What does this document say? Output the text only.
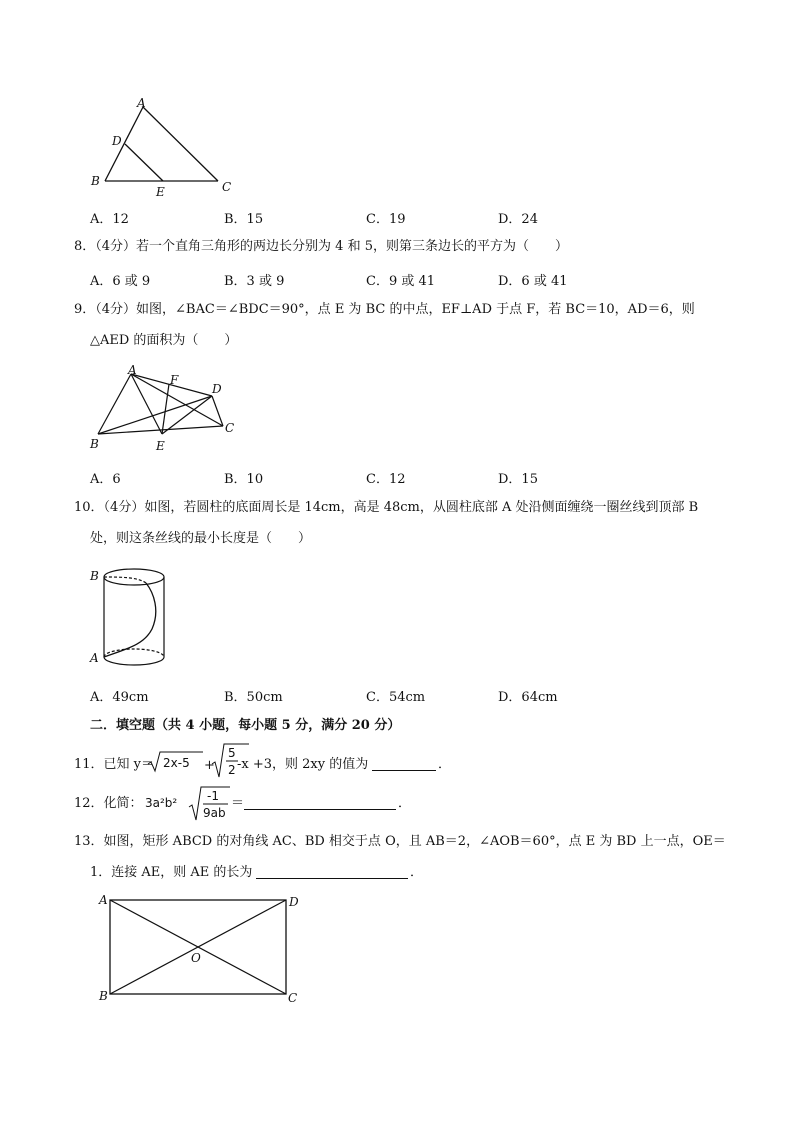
A
D
B
E	C
A．12	B．15	C．19	D．24
8．（4分）若一个直角三角形的两边长分别为 4 和 5，则第三条边长的平方为（　　）
A．6 或 9	B．3 或 9	C．9 或 41	D．6 或 41
9．（4分）如图，∠BAC＝∠BDC＝90°，点 E 为 BC 的中点，EF⊥AD 于点 F，若 BC＝10，AD＝6，则
△AED 的面积为（　　）
A
F
D
B	E
C
A．6	B．10	C．12	D．15
10．（4分）如图，若圆柱的底面周长是 14cm，高是 48cm，从圆柱底部 A 处沿侧面缠绕一圈丝线到顶部 B
处，则这条丝线的最小长度是（　　）
B
A
A．49cm	B．50cm	C．54cm	D．64cm
二．填空题（共 4 小题，每小题 5 分，满分 20 分）
11．已知 y＝ 2x-5 +
5
2 -x +3，则 2xy 的值为	．
12．化简： 3a²b² -1
9ab
＝	．
13．如图，矩形 ABCD 的对角线 AC、BD 相交于点 O，且 AB＝2，∠AOB＝60°，点 E 为 BD 上一点，OE＝
1．连接 AE，则 AE 的长为	．
A	D
O
B	C
